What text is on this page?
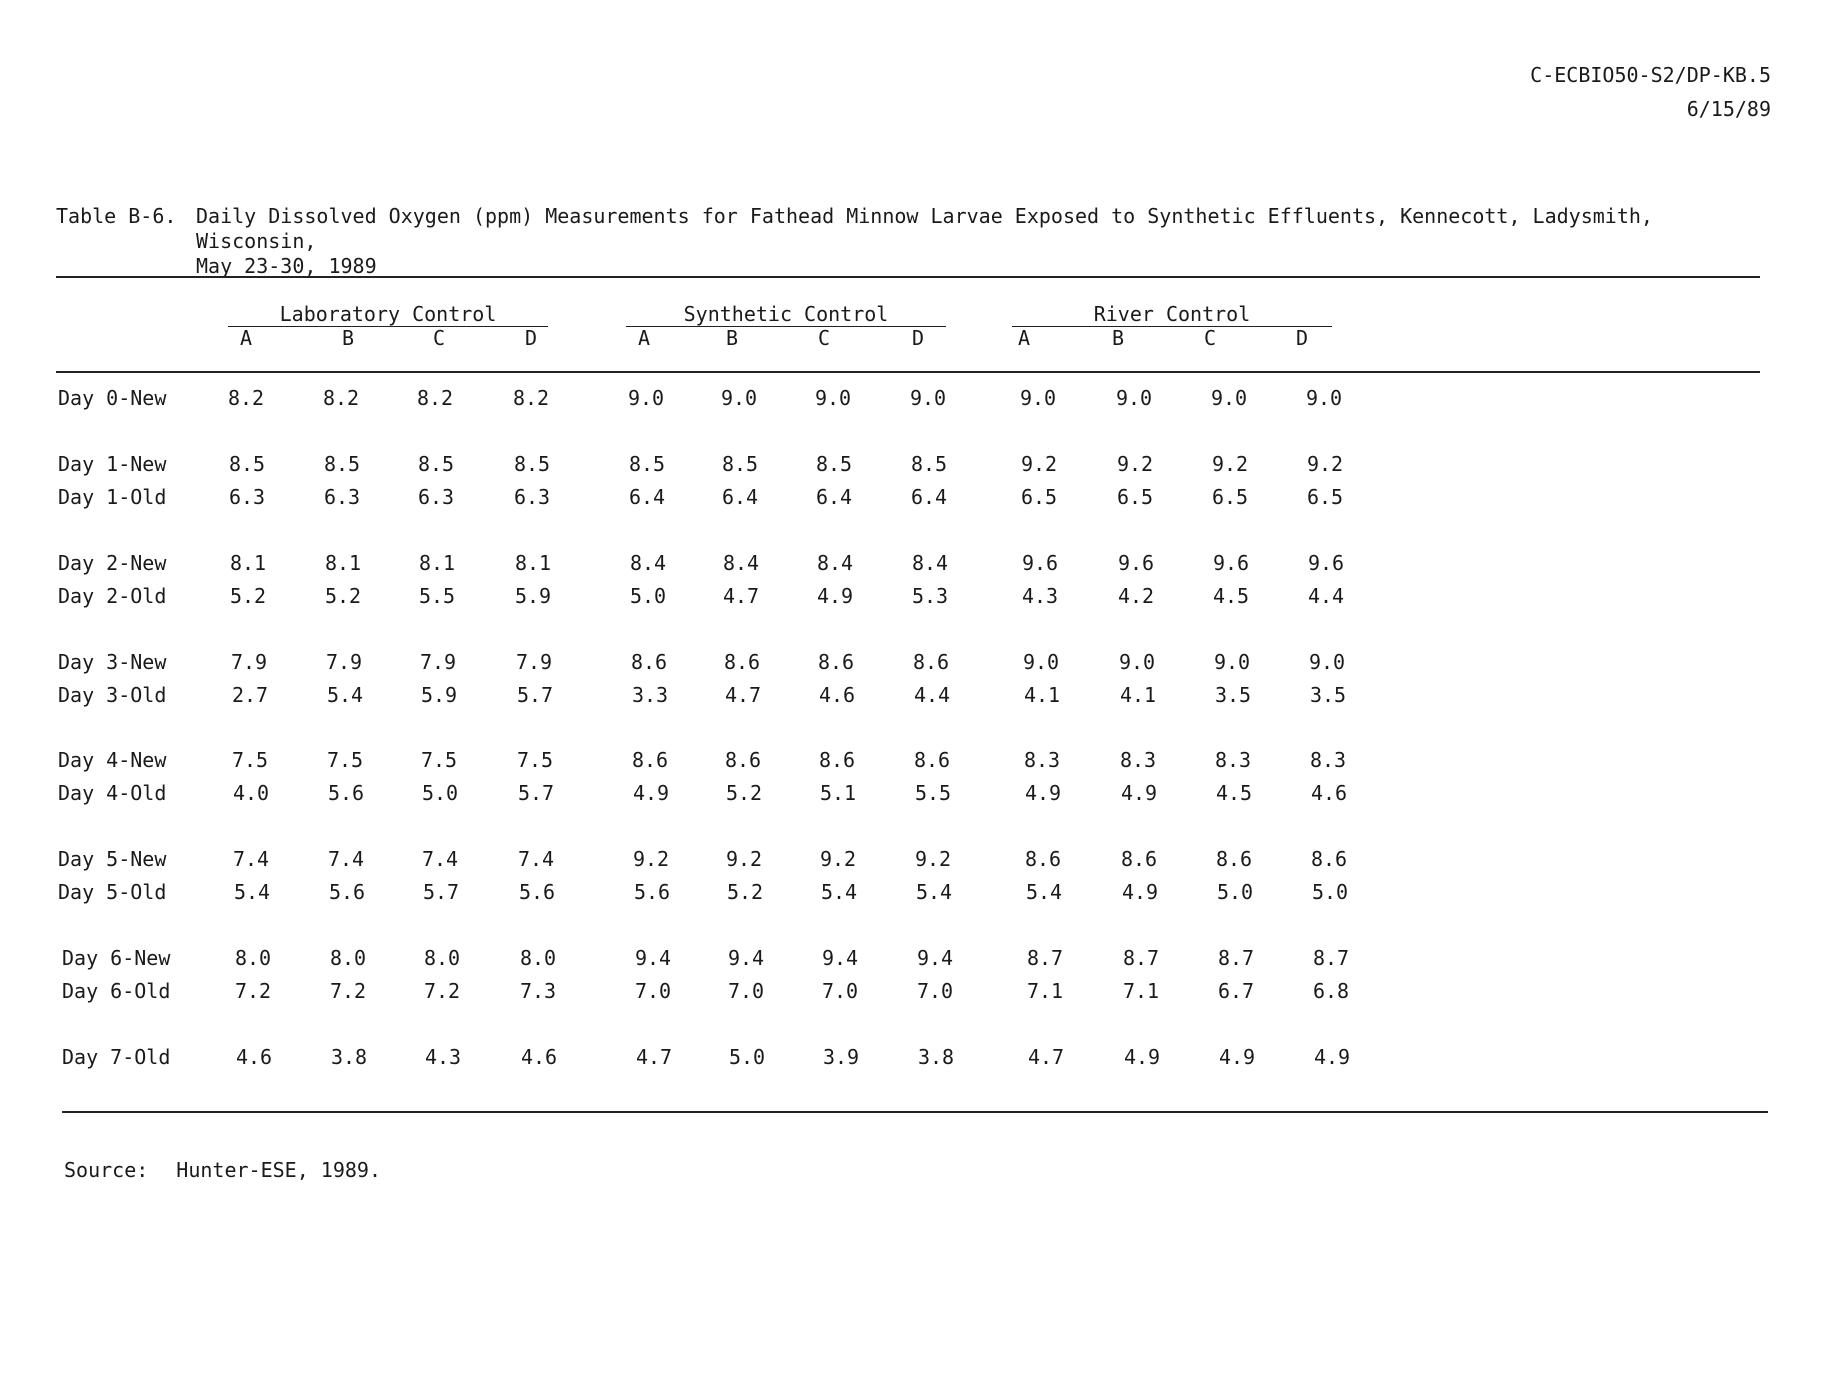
C-ECBIO50-S2/DP-KB.5
6/15/89
Table B-6. Daily Dissolved Oxygen (ppm) Measurements for Fathead Minnow Larvae Exposed to Synthetic Effluents, Kennecott, Ladysmith, Wisconsin,
May 23-30, 1989
Laboratory Control	Synthetic Control	River Control
A	B	C	D	A	B	C	D	A	B	C	D
Day 0-New	8.2	8.2	8.2	8.2	9.0	9.0	9.0	9.0	9.0	9.0	9.0	9.0
Day 1-New	8.5	8.5	8.5	8.5	8.5	8.5	8.5	8.5	9.2	9.2	9.2	9.2
Day 1-Old	6.3	6.3	6.3	6.3	6.4	6.4	6.4	6.4	6.5	6.5	6.5	6.5
Day 2-New	8.1	8.1	8.1	8.1	8.4	8.4	8.4	8.4	9.6	9.6	9.6	9.6
Day 2-Old	5.2	5.2	5.5	5.9	5.0	4.7	4.9	5.3	4.3	4.2	4.5	4.4
Day 3-New	7.9	7.9	7.9	7.9	8.6	8.6	8.6	8.6	9.0	9.0	9.0	9.0
Day 3-Old	2.7	5.4	5.9	5.7	3.3	4.7	4.6	4.4	4.1	4.1	3.5	3.5
Day 4-New	7.5	7.5	7.5	7.5	8.6	8.6	8.6	8.6	8.3	8.3	8.3	8.3
Day 4-Old	4.0	5.6	5.0	5.7	4.9	5.2	5.1	5.5	4.9	4.9	4.5	4.6
Day 5-New	7.4	7.4	7.4	7.4	9.2	9.2	9.2	9.2	8.6	8.6	8.6	8.6
Day 5-Old	5.4	5.6	5.7	5.6	5.6	5.2	5.4	5.4	5.4	4.9	5.0	5.0
Day 6-New	8.0	8.0	8.0	8.0	9.4	9.4	9.4	9.4	8.7	8.7	8.7	8.7
Day 6-Old	7.2	7.2	7.2	7.3	7.0	7.0	7.0	7.0	7.1	7.1	6.7	6.8
Day 7-Old	4.6	3.8	4.3	4.6	4.7	5.0	3.9	3.8	4.7	4.9	4.9	4.9
Source: Hunter-ESE, 1989.
